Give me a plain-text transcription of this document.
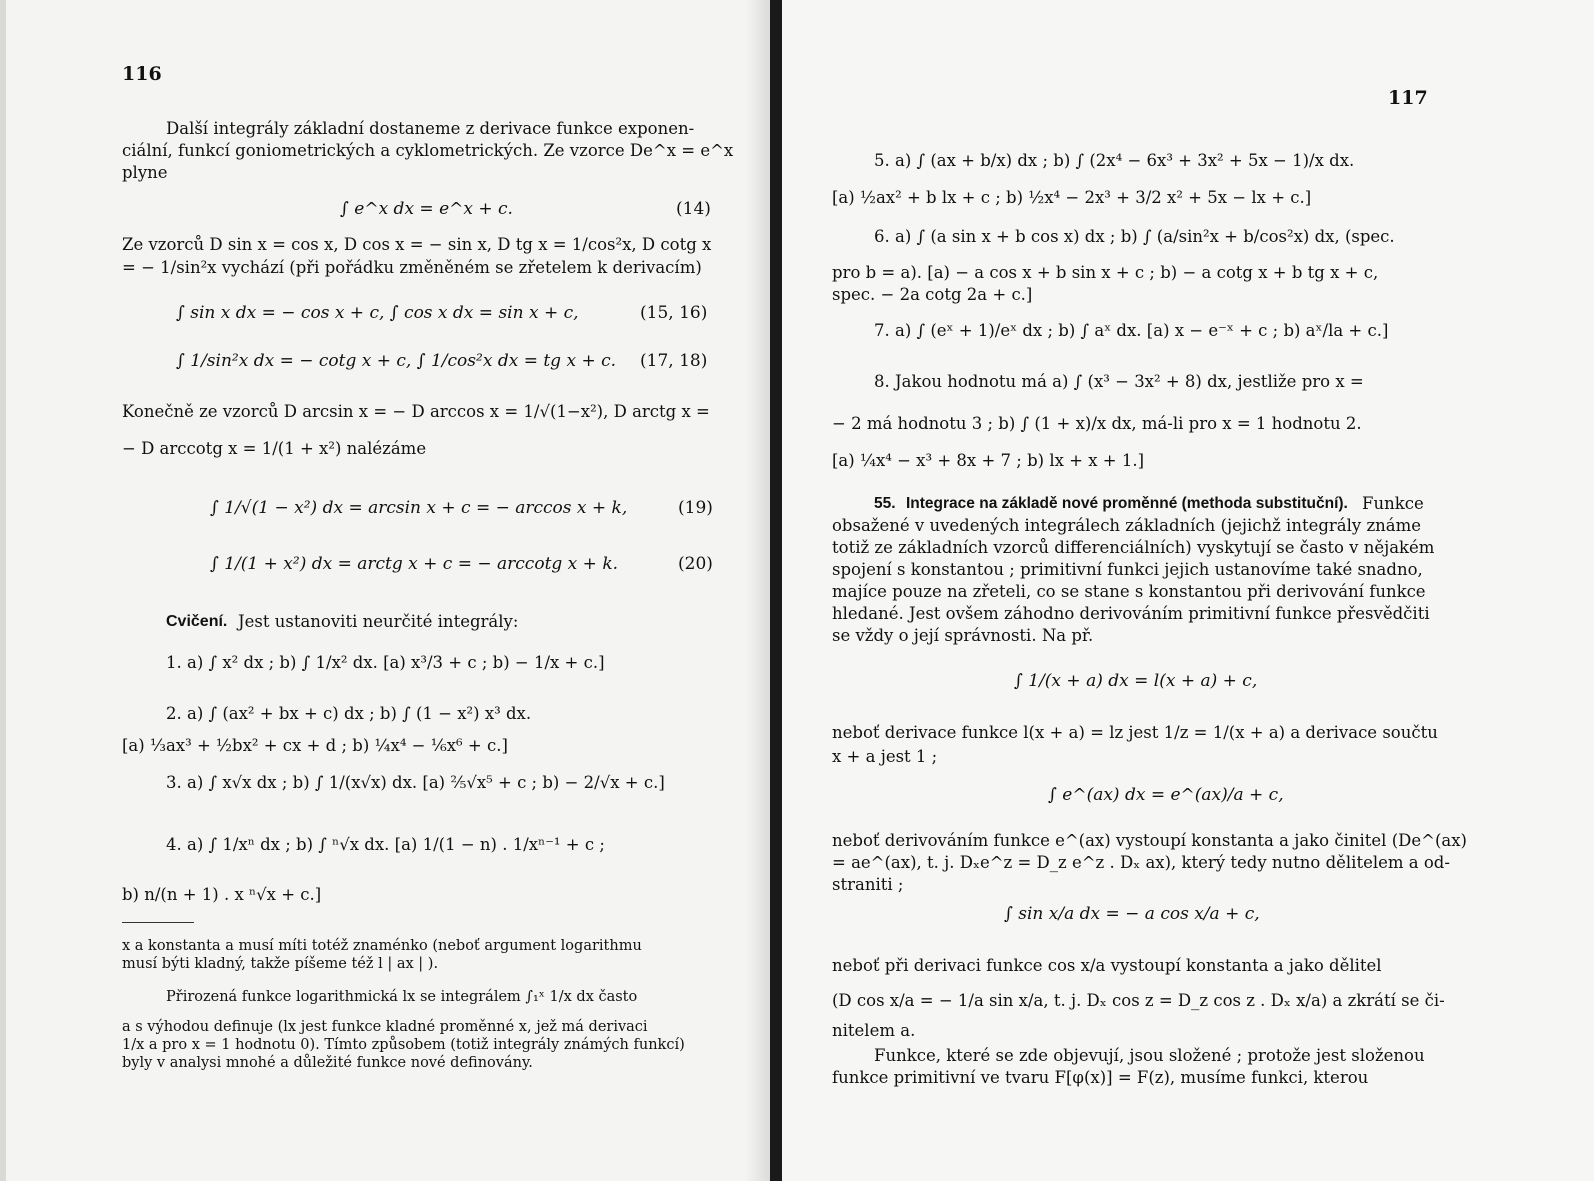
116
Další integrály základní dostaneme z derivace funkce exponen-
ciální, funkcí goniometrických a cyklometrických. Ze vzorce De^x = e^x
plyne
∫ e^x dx = e^x + c.	(14)
Ze vzorců D sin x = cos x, D cos x = − sin x, D tg x = 1/cos²x, D cotg x
= − 1/sin²x vychází (při pořádku změněném se zřetelem k derivacím)
∫ sin x dx = − cos x + c, ∫ cos x dx = sin x + c,	(15, 16)
∫ 1/sin²x dx = − cotg x + c, ∫ 1/cos²x dx = tg x + c. (17, 18)
Konečně ze vzorců D arcsin x = − D arccos x = 1/√(1−x²), D arctg x =
− D arccotg x = 1/(1 + x²) nalézáme
∫ 1/√(1 − x²) dx = arcsin x + c = − arccos x + k,	(19)
∫ 1/(1 + x²) dx = arctg x + c = − arccotg x + k.	(20)
Cvičení. Jest ustanoviti neurčité integrály:
1. a) ∫ x² dx ; b) ∫ 1/x² dx. [a) x³/3 + c ; b) − 1/x + c.]
2. a) ∫ (ax² + bx + c) dx ; b) ∫ (1 − x²) x³ dx.
[a) ⅓ax³ + ½bx² + cx + d ; b) ¼x⁴ − ⅙x⁶ + c.]
3. a) ∫ x√x dx ; b) ∫ 1/(x√x) dx. [a) ⅖√x⁵ + c ; b) − 2/√x + c.]
4. a) ∫ 1/xⁿ dx ; b) ∫ ⁿ√x dx. [a) 1/(1 − n) . 1/xⁿ⁻¹ + c ;
b) n/(n + 1) . x ⁿ√x + c.]
x a konstanta a musí míti totéž znaménko (neboť argument logarithmu
musí býti kladný, takže píšeme též l | ax | ).
Přirozená funkce logarithmická lx se integrálem ∫₁ˣ 1/x dx často
a s výhodou definuje (lx jest funkce kladné proměnné x, jež má derivaci
1/x a pro x = 1 hodnotu 0). Tímto způsobem (totiž integrály známých funkcí)
byly v analysi mnohé a důležité funkce nové definovány.
117
5. a) ∫ (ax + b/x) dx ; b) ∫ (2x⁴ − 6x³ + 3x² + 5x − 1)/x dx.
[a) ½ax² + b lx + c ; b) ½x⁴ − 2x³ + 3/2 x² + 5x − lx + c.]
6. a) ∫ (a sin x + b cos x) dx ; b) ∫ (a/sin²x + b/cos²x) dx, (spec.
pro b = a). [a) − a cos x + b sin x + c ; b) − a cotg x + b tg x + c,
spec. − 2a cotg 2a + c.]
7. a) ∫ (eˣ + 1)/eˣ dx ; b) ∫ aˣ dx. [a) x − e⁻ˣ + c ; b) aˣ/la + c.]
8. Jakou hodnotu má a) ∫ (x³ − 3x² + 8) dx, jestliže pro x =
− 2 má hodnotu 3 ; b) ∫ (1 + x)/x dx, má-li pro x = 1 hodnotu 2.
[a) ¼x⁴ − x³ + 8x + 7 ; b) lx + x + 1.]
55. Integrace na základě nové proměnné (methoda substituční). Funkce
obsažené v uvedených integrálech základních (jejichž integrály známe
totiž ze základních vzorců differenciálních) vyskytují se často v nějakém
spojení s konstantou ; primitivní funkci jejich ustanovíme také snadno,
majíce pouze na zřeteli, co se stane s konstantou při derivování funkce
hledané. Jest ovšem záhodno derivováním primitivní funkce přesvědčiti
se vždy o její správnosti. Na př.
∫ 1/(x + a) dx = l(x + a) + c,
neboť derivace funkce l(x + a) = lz jest 1/z = 1/(x + a) a derivace součtu
x + a jest 1 ;
∫ e^(ax) dx = e^(ax)/a + c,
neboť derivováním funkce e^(ax) vystoupí konstanta a jako činitel (De^(ax)
= ae^(ax), t. j. Dₓe^z = D_z e^z . Dₓ ax), který tedy nutno dělitelem a od-
straniti ;
∫ sin x/a dx = − a cos x/a + c,
neboť při derivaci funkce cos x/a vystoupí konstanta a jako dělitel
(D cos x/a = − 1/a sin x/a, t. j. Dₓ cos z = D_z cos z . Dₓ x/a) a zkrátí se či-
nitelem a.
Funkce, které se zde objevují, jsou složené ; protože jest složenou
funkce primitivní ve tvaru F[φ(x)] = F(z), musíme funkci, kterou
